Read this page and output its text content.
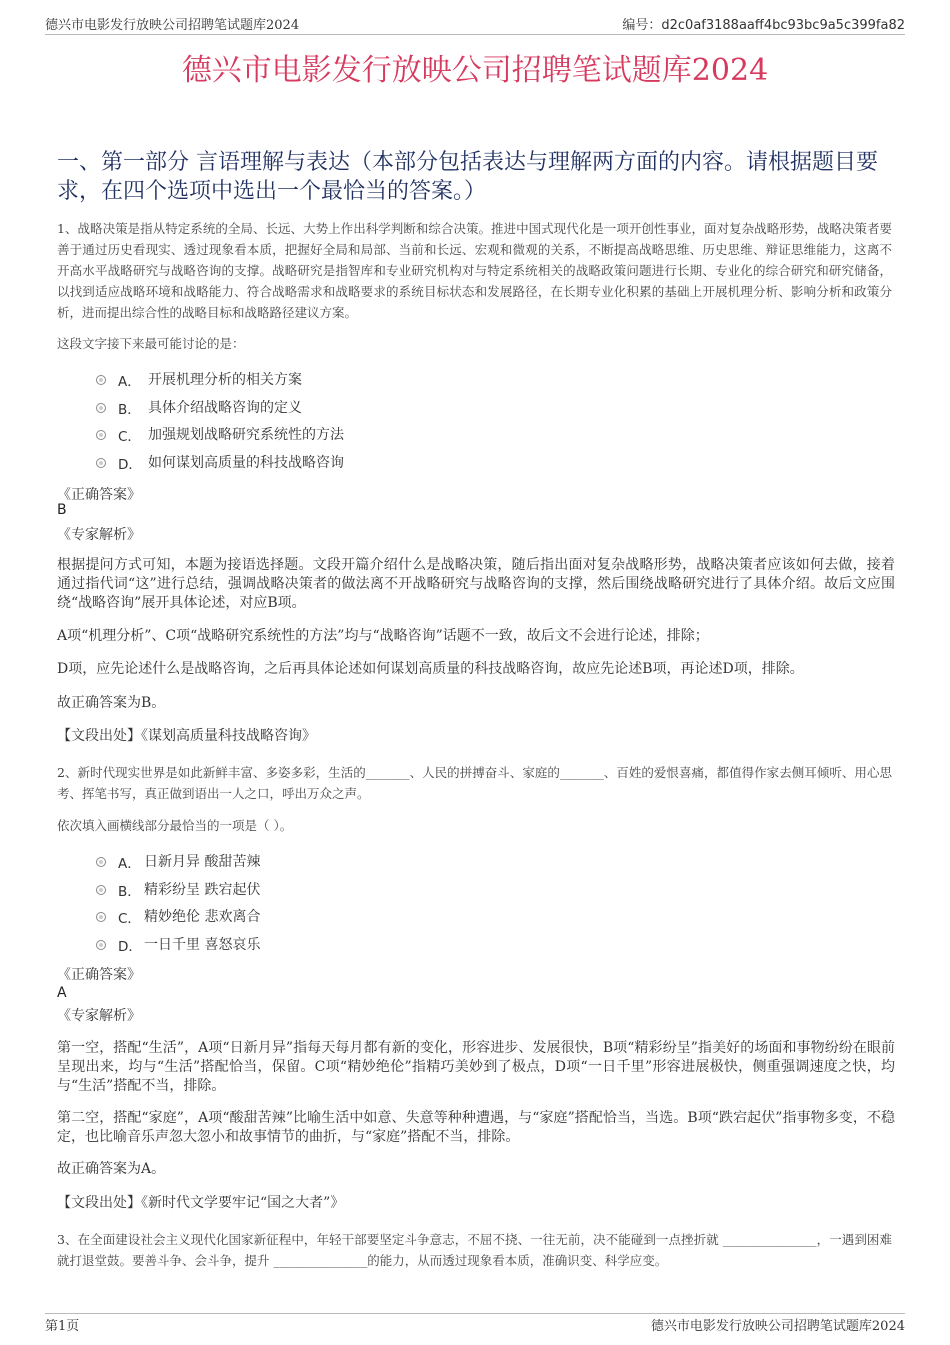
德兴市电影发行放映公司招聘笔试题库2024	编号：d2c0af3188aaff4bc93bc9a5c399fa82
德兴市电影发行放映公司招聘笔试题库2024
一、第一部分 言语理解与表达（本部分包括表达与理解两方面的内容。请根据题目要求，在四个选项中选出一个最恰当的答案。）
1、战略决策是指从特定系统的全局、长远、大势上作出科学判断和综合决策。推进中国式现代化是一项开创性事业，面对复杂战略形势，战略决策者要善于通过历史看现实、透过现象看本质，把握好全局和局部、当前和长远、宏观和微观的关系，不断提高战略思维、历史思维、辩证思维能力，这离不开高水平战略研究与战略咨询的支撑。战略研究是指智库和专业研究机构对与特定系统相关的战略政策问题进行长期、专业化的综合研究和研究储备，以找到适应战略环境和战略能力、符合战略需求和战略要求的系统目标状态和发展路径，在长期专业化积累的基础上开展机理分析、影响分析和政策分析，进而提出综合性的战略目标和战略路径建议方案。
这段文字接下来最可能讨论的是：
A． 开展机理分析的相关方案
B． 具体介绍战略咨询的定义
C． 加强规划战略研究系统性的方法
D． 如何谋划高质量的科技战略咨询
《正确答案》
B
《专家解析》
根据提问方式可知，本题为接语选择题。文段开篇介绍什么是战略决策，随后指出面对复杂战略形势，战略决策者应该如何去做，接着通过指代词“这”进行总结，强调战略决策者的做法离不开战略研究与战略咨询的支撑，然后围绕战略研究进行了具体介绍。故后文应围绕“战略咨询”展开具体论述，对应B项。
A项“机理分析”、C项“战略研究系统性的方法”均与“战略咨询”话题不一致，故后文不会进行论述，排除；
D项，应先论述什么是战略咨询，之后再具体论述如何谋划高质量的科技战略咨询，故应先论述B项，再论述D项，排除。
故正确答案为B。
【文段出处】《谋划高质量科技战略咨询》
2、新时代现实世界是如此新鲜丰富、多姿多彩，生活的_______、人民的拼搏奋斗、家庭的_______、百姓的爱恨喜痛，都值得作家去侧耳倾听、用心思考、挥笔书写，真正做到语出一人之口，呼出万众之声。
依次填入画横线部分最恰当的一项是（ ）。
A． 日新月异 酸甜苦辣
B． 精彩纷呈 跌宕起伏
C． 精妙绝伦 悲欢离合
D． 一日千里 喜怒哀乐
《正确答案》
A
《专家解析》
第一空，搭配“生活”，A项“日新月异”指每天每月都有新的变化，形容进步、发展很快，B项“精彩纷呈”指美好的场面和事物纷纷在眼前呈现出来，均与“生活”搭配恰当，保留。C项“精妙绝伦”指精巧美妙到了极点，D项“一日千里”形容进展极快，侧重强调速度之快，均与“生活”搭配不当，排除。
第二空，搭配“家庭”，A项“酸甜苦辣”比喻生活中如意、失意等种种遭遇，与“家庭”搭配恰当，当选。B项“跌宕起伏”指事物多变，不稳定，也比喻音乐声忽大忽小和故事情节的曲折，与“家庭”搭配不当，排除。
故正确答案为A。
【文段出处】《新时代文学要牢记“国之大者”》
3、在全面建设社会主义现代化国家新征程中，年轻干部要坚定斗争意志，不屈不挠、一往无前，决不能碰到一点挫折就 _______________，一遇到困难就打退堂鼓。要善斗争、会斗争，提升 _______________的能力，从而透过现象看本质，准确识变、科学应变。
第1页	德兴市电影发行放映公司招聘笔试题库2024
